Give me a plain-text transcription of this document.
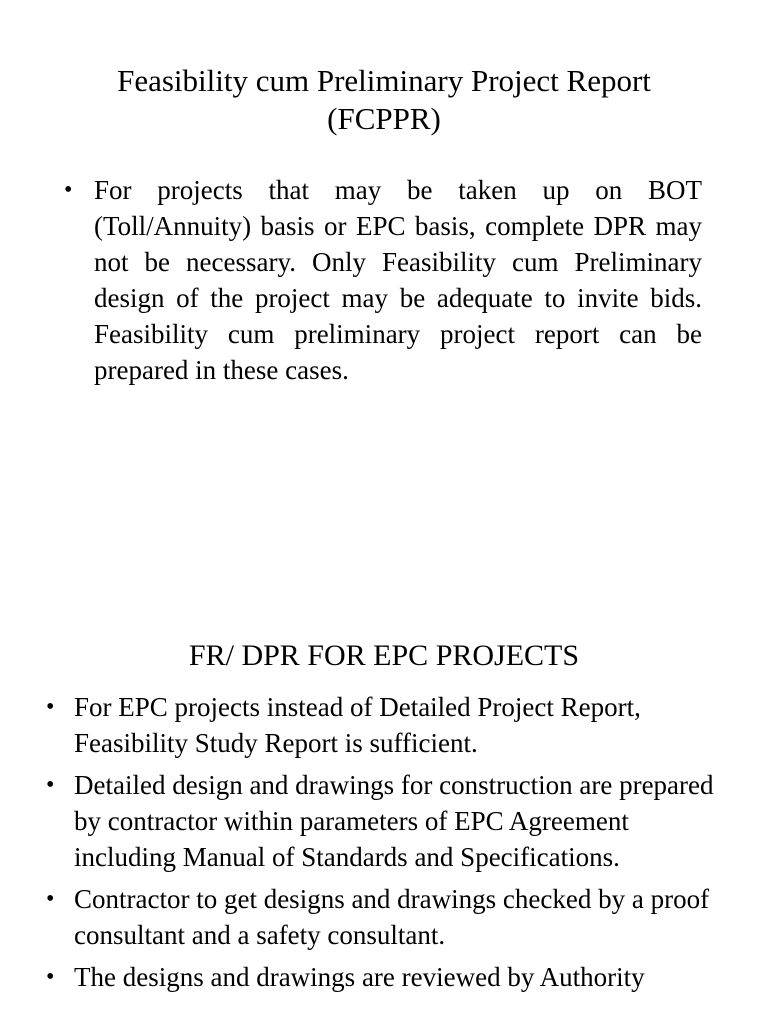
Feasibility cum Preliminary Project Report
(FCPPR)
• For projects that may be taken up on BOT (Toll/Annuity) basis or EPC basis, complete DPR may not be necessary. Only Feasibility cum Preliminary design of the project may be adequate to invite bids. Feasibility cum preliminary project report can be prepared in these cases.
FR/ DPR FOR EPC PROJECTS
• For EPC projects instead of Detailed Project Report, Feasibility Study Report is sufficient.
• Detailed design and drawings for construction are prepared by contractor within parameters of EPC Agreement including Manual of Standards and Specifications.
• Contractor to get designs and drawings checked by a proof consultant and a safety consultant.
• The designs and drawings are reviewed by Authority
